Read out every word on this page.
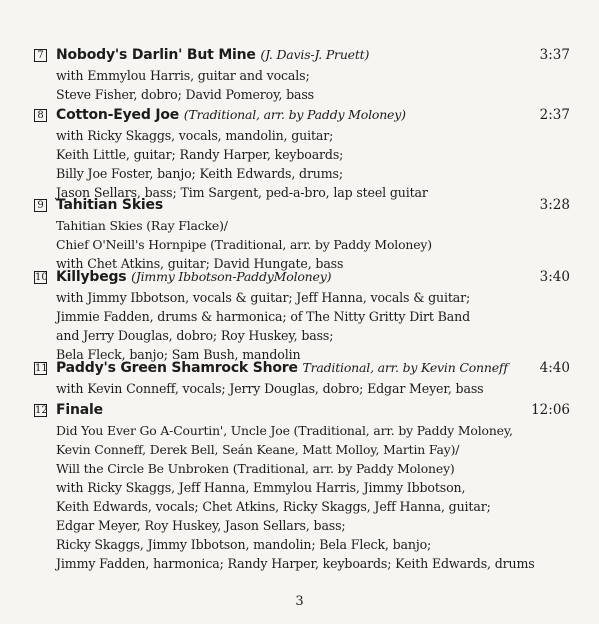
7 Nobody's Darlin' But Mine (J. Davis-J. Pruett)	3:37
with Emmylou Harris, guitar and vocals;
Steve Fisher, dobro; David Pomeroy, bass
8 Cotton-Eyed Joe (Traditional, arr. by Paddy Moloney)	2:37
with Ricky Skaggs, vocals, mandolin, guitar;
Keith Little, guitar; Randy Harper, keyboards;
Billy Joe Foster, banjo; Keith Edwards, drums;
Jason Sellars, bass; Tim Sargent, ped-a-bro, lap steel guitar
9 Tahitian Skies	3:28
Tahitian Skies (Ray Flacke)/
Chief O'Neill's Hornpipe (Traditional, arr. by Paddy Moloney)
with Chet Atkins, guitar; David Hungate, bass
10 Killybegs (Jimmy Ibbotson-PaddyMoloney)	3:40
with Jimmy Ibbotson, vocals & guitar; Jeff Hanna, vocals & guitar;
Jimmie Fadden, drums & harmonica; of The Nitty Gritty Dirt Band
and Jerry Douglas, dobro; Roy Huskey, bass;
Bela Fleck, banjo; Sam Bush, mandolin
11 Paddy's Green Shamrock Shore Traditional, arr. by Kevin Conneff 4:40
with Kevin Conneff, vocals; Jerry Douglas, dobro; Edgar Meyer, bass
12 Finale	12:06
Did You Ever Go A-Courtin', Uncle Joe (Traditional, arr. by Paddy Moloney,
Kevin Conneff, Derek Bell, Seán Keane, Matt Molloy, Martin Fay)/
Will the Circle Be Unbroken (Traditional, arr. by Paddy Moloney)
with Ricky Skaggs, Jeff Hanna, Emmylou Harris, Jimmy Ibbotson,
Keith Edwards, vocals; Chet Atkins, Ricky Skaggs, Jeff Hanna, guitar;
Edgar Meyer, Roy Huskey, Jason Sellars, bass;
Ricky Skaggs, Jimmy Ibbotson, mandolin; Bela Fleck, banjo;
Jimmy Fadden, harmonica; Randy Harper, keyboards; Keith Edwards, drums
3
